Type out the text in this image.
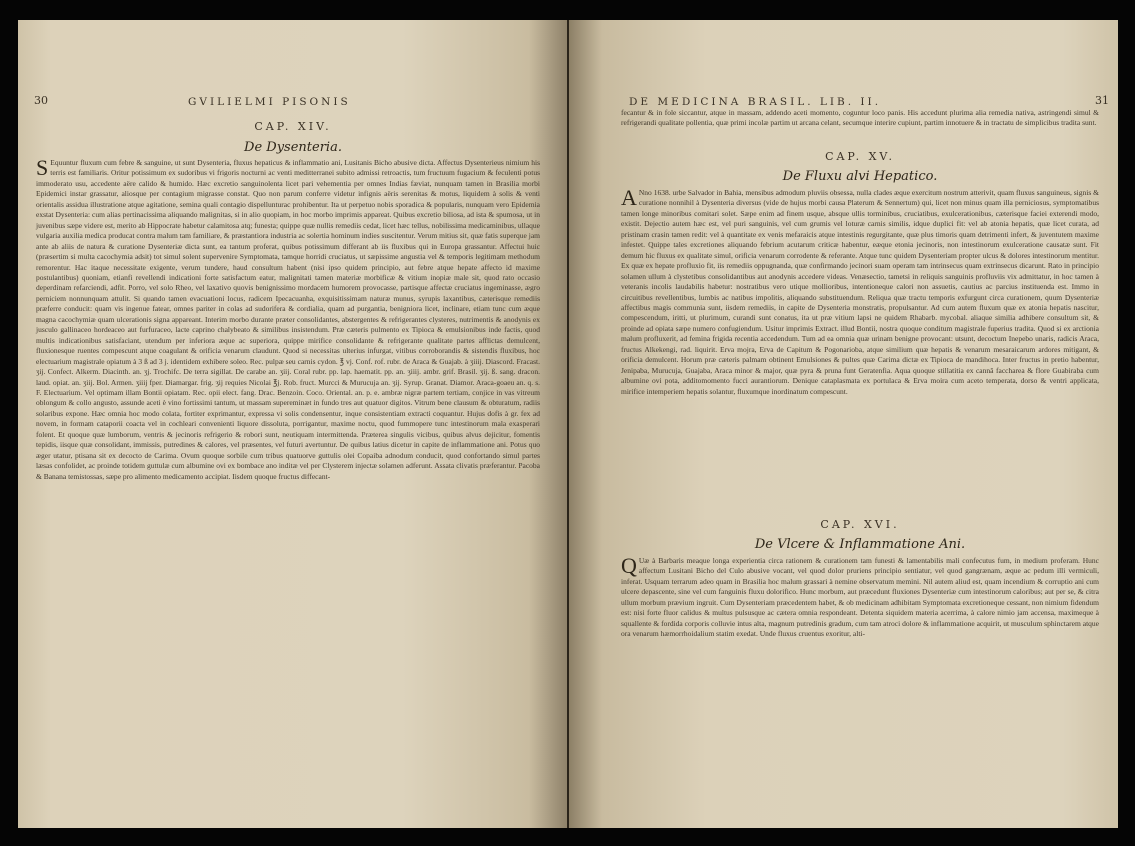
30	GVILIELMI PISONIS
CAP. XIV.
De Dysenteria.
S Equuntur fluxum cum febre & sanguine, ut sunt Dysenteria, fluxus hepaticus & inflammatio ani, Lusitanis Bicho abusive dicta. Affectus Dysenterieus nimium his terris est familiaris. Oritur potissimum ex sudoribus vi frigoris nocturni ac venti meditterranei subito admissi retroactis, tum fructuum fugacium & feculenti potus immoderato usu, accedente aëre calido & humido. Hæc excretio sanguinolenta licet pari vehementia per omnes Indias fæviat, nunquam tamen in Brasilia morbi Epidemici instar grassatur, aliosque per contagium migrasse constat. Quo non parum conferre videtur infignis aëris serenitas & motus, liquidem à solis & venti orientalis assidua illustratione atque agitatione, semina quali contagio dispellunturac prohibentur. Ita ut perpetuo nobis sporadica & popularis, nunquam vero Epidemia exstat Dysenteria: cum alias pertinacissima aliquando malignitas, si in alio quopiam, in hoc morbo imprimis appareat. Quibus excretio biliosa, ad ista & spumosa, ut in juvenibus sæpe videre est, merito ab Hippocrate habetur calamitosa atq; funesta; quippe quæ nullis remediis cedat, licet hæc tellus, nobilissima medicaminibus, ullaque vulgaria auxilia medica producat contra malum tam familiare, & præstantiora industria ac solertia hominum indies suscitentur. Verum mitius sit, quæ fatis superque jam ante ab aliis de natura & curatione Dysenteriæ dicta sunt, ea tantum proferat, quibus potissimum differant ab iis fluxibus qui in Europa grassantur. Affectui huic (præsertim si multa cacochymia adsit) tot simul solent supervenire Symptomata, tamque horridi cruciatus, ut sæpissime angustia vel & temporis legitimam methodum remorentur. Hac itaque necessitate exigente, verum tundere, haud consultum habent (nisi ipso quidem principio, aut febre atque hepate affecto id maxime postulantibus) quoniam, etianfi revellendi indicationi forte satisfactum eatur, malignitati tamen materiæ morbificæ & vitium inopiæ male sit, quod rato occasio deperdinam refarciendi, adfit. Porro, vel solo Rheo, vel laxativo quovis benignissimo mordacem humorem provocasse, partisque affectæ cruciatus ingeminasse, ægro perniciem nonnunquam attulit. Si quando tamen evacuationi locus, radicem Ipecacuanha, exquisitissimam naturæ munus, syrupis laxantibus, cæterisque remediis præferre conducit: quam vis ingenue fatear, omnes pariter in colas ad sudorifera & cordialia, quam ad purgantia, benigniora licet, inclinare, etiam tunc cum æque magna cacochymiæ quam ulcerationis signa appareant. Interim morbo durante præter consolidantes, abstergentes & refrigerantes clysteres, nutrimentis & anodynis ex jusculo gallinaceo hordeaceo aut furfuraceo, lacte caprino chalybeato & similibus insistendum. Præ cæteris pulmento ex Tipioca & emulsionibus inde factis, quod multis indicationibus satisfaciant, utendum per inferiora æque ac superiora, quippe mirifice consolidante & refrigerante qualitate partes afflictas demulcent, fluxionesque ruentes compescunt atque coagulant & orificia venarum claudunt. Quod si necessitas ulterius infurgat, vitibus corroborandis & sistendis fluxibus, hoc electuarium magistrale opiatum à 3 ß ad 3 j. identidem exhibere soleo. Rec. pulpæ seu carnis cydon. ℥ vj. Conf. rof. rubr. de Araca & Guajab. à ʒiiij. Diascord. Fracast. ʒij. Confect. Alkerm. Diacinth. an. ʒj. Trochifc. De terra sigillat. De carabe an. ʒiij. Coral rubr. pp. lap. haematit. pp. an. ʒiiij. ambr. grif. Brasil. ʒij. ß. sang. dracon. laud. opiat. an. ʒiij. Bol. Armen. ʒiiij fper. Diamargar. frig. ʒij requies Nicolai ℥j. Rob. fruct. Murcci & Murucuja an. ʒij. Syrup. Granat. Diamor. Araca-goaeu an. q. s. F. Electuarium. Vel optimam illam Bontii opiatam. Rec. opii elect. fang. Drac. Benzoin. Coco. Oriental. an. p. e. ambræ nigræ partem tertiam, conjice in vas vitreum oblongum & collo angusto, assunde aceti è vino fortissimi tantum, ut massam supereminæt in fundo tres aut quatuor digitos. Vitrum bene clausum & obturatum, radiis solaribus expone. Hæc omnia hoc modo colata, fortiter exprimantur, expressa vi solis condensentur, inque consistentiam extracti coquantur. Hujus dofis à gr. fex ad novem, in formam cataporii coacta vel in cochleari convenienti liquore dissoluta, porrigantur, maxime noctu, quod fummopere tunc intestinorum mala exasperari folent. Et quoque quæ lumborum, ventris & jecinoris refrigerio & robori sunt, neutiquam intermittenda. Præterea singulis vicibus, quibus alvus dejicitur, fomentis tepidis, iisque quæ consolidant, immissis, putredines & calores, vel præsentes, vel futuri avertuntur. De quibus latius dicetur in capite de inflammatione ani. Potus quo æger utatur, ptisana sit ex decocto de Carima. Ovum quoque sorbile cum tribus quatuorve guttulis olei Copaiba adnodum conducit, quod confortando simul partes læsas confolidet, ac proinde totidem guttulæ cum albumine ovi ex bombace ano inditæ vel per Clysterem injectæ solamen adferunt. Assata clivatis præferantur. Pacoba & Banana temistossas, sæpe pro alimento medicamento accipiat. Iisdem quoque fructus diffecant-
DE MEDICINA BRASIL. LIB. II.	31
fecantur & in fole siccantur, atque in massam, addendo aceti momento, coguntur loco panis. His accedunt plurima alia remedia nativa, astringendi simul & refrigerandi qualitate pollentia, quæ primi incolæ partim ut arcana celant, secumque interire cupiunt, partim innotuere & in tractatu de simplicibus tradita sunt.
CAP. XV.
De Fluxu alvi Hepatico.
A Nno 1638. urbe Salvador in Bahia, mensibus admodum pluviis obsessa, nulla clades æque exercitum nostrum atterivit, quam fluxus sanguineus, signis & curatione nonnihil à Dysenteria diversus (vide de hujus morbi causa Platerum & Sennertum) qui, licet non minus quam illa perniciosus, symptomatibus tamen longe minoribus comitari solet. Sæpe enim ad finem usque, absque ullis torminibus, cruciatibus, exulcerationibus, cæterisque faciei exterendi modo, existit. Dejectio autem hæc est, vel puri sanguinis, vel cum grumis vel loturæ carnis similis, idque duplici fit: vel ab atonia hepatis, quæ licet curata, ad pristinam crasin tamen redit: vel à quantitate ex venis mefaraicis atque intestinis regurgitante, quæ plus timoris quam detrimenti infert, & juventutem maxime infestet. Quippe tales excretiones aliquando febrium acutarum criticæ habentur, eæque etonia jecinoris, non intestinorum exulceratione causatæ sunt. Fit demum hic fluxus ex qualitate simul, orificia venarum corrodente & referante. Atque tunc quidem Dysenteriam propter ulcus & dolores intestinorum mentitur. Ex quæ ex hepate profluxio fit, iis remediis oppugnanda, quæ confirmando jecinori suam operam tam intrinsecus quam extrinsecus dicarunt. Rato in principio solamen ullum à clystetibus consolidantibus aut anodynis accedere videas. Venæsectio, tametsi in reliquis sanguinis profluviis vix admittatur, in hoc tamen à veteranis incolis laudabilis habetur: nostratibus vero utique mollioribus, intentioneque calori non assuetis, cautius ac parcius instituenda est. Immo in circuitibus revellentibus, lumbis ac natibus impolitis, aliquando substituendum. Reliqua quæ tractu temporis exfurgunt circa curationem, quum Dysenteriæ affectibus magis communia sunt, iisdem remediis, in capite de Dysenteria monstratis, propulsantur. Ad cum autem fluxum quæ ex atonia hepatis nascitur, compescendum, iritti, ut plurimum, curandi sunt conatus, ita ut præ vitium lapsi ne quidem Rhabarb. mycobal. aliaque similia adhibere consultum sit, & proinde ad opiata sæpe numero confugiendum. Usitur imprimis Extract. illud Bontii, nostra quoque conditum magistrale fuperius tradita. Quod si ex arctionia malum profluxerit, ad femina frigida recentia accedendum. Tum ad ea omnia quæ urinam benigne provocant: utsunt, decoctum Inepebo unaris, radicis Araca, fructus Alkekengi, rad. liquirit. Erva mojra, Erva de Capitum & Pogonarioba, atque similium quæ hepatis & venarum mesaraicarum ardores mitigant, & orificia demulcent. Horum præ cæteris palmam obtinent Emulsiones & pultes quæ Carima dictæ ex Tipioca de mandihoca. Inter fructus in pretio habentur, Jenipaba, Murucuja, Guajaba, Araca minor & major, quæ pyra & pruna funt Geratenfia. Aqua quoque stillatitia ex cannâ faccharea & flore Guabiraba cum albumine ovi pota, additomomento fucci aurantiorum. Denique cataplasmata ex portulaca & Erva moira cum aceto temperata, dorso & ventri applicata, mirifice intemperiem hepatis solantur, fluxumque inordinatum compescunt.
CAP. XVI.
De Vlcere & Inflammatione Ani.
Q Uæ à Barbaris meaque longa experientia circa rationem & curationem tam funesti & lamentabilis mali confecutus fum, in medium proferam. Hunc affectum Lusitani Bicho del Culo abusive vocant, vel quod dolor pruriens principio sentiatur, vel quod gangrænam, æque ac pedum illi vermiculi, inferat. Usquam terrarum adeo quam in Brasilia hoc malum grassari à nemine observatum memini. Nil autem aliud est, quam incendium & corruptio ani cum ulcere depascente, sine vel cum fanguinis fluxu dolorifico. Hunc morbum, aut præcedunt fluxiones Dysenteriæ cum intestinorum caloribus; aut per se, & citra ullum morbum prævium ingruit. Cum Dysenteriam præcedentem habet, & ob medicinam adhibitam Symptomata excretioneque cessant, non nimium fidendum est: nisi forte fluor calidus & multus pulsusque ac cætera omnia respondeant. Detenta siquidem materia acerrima, à calore nimio jam accensa, maximeque à squallente & fordida corporis colluvie intus alta, magnum putredinis gradum, cum tam atroci dolore & inflammatione acquirit, ut musculum sphinctarem atque ora venarum hæmorrhoidalium statim exedat. Unde fluxus cruentus exoritur, alti-
